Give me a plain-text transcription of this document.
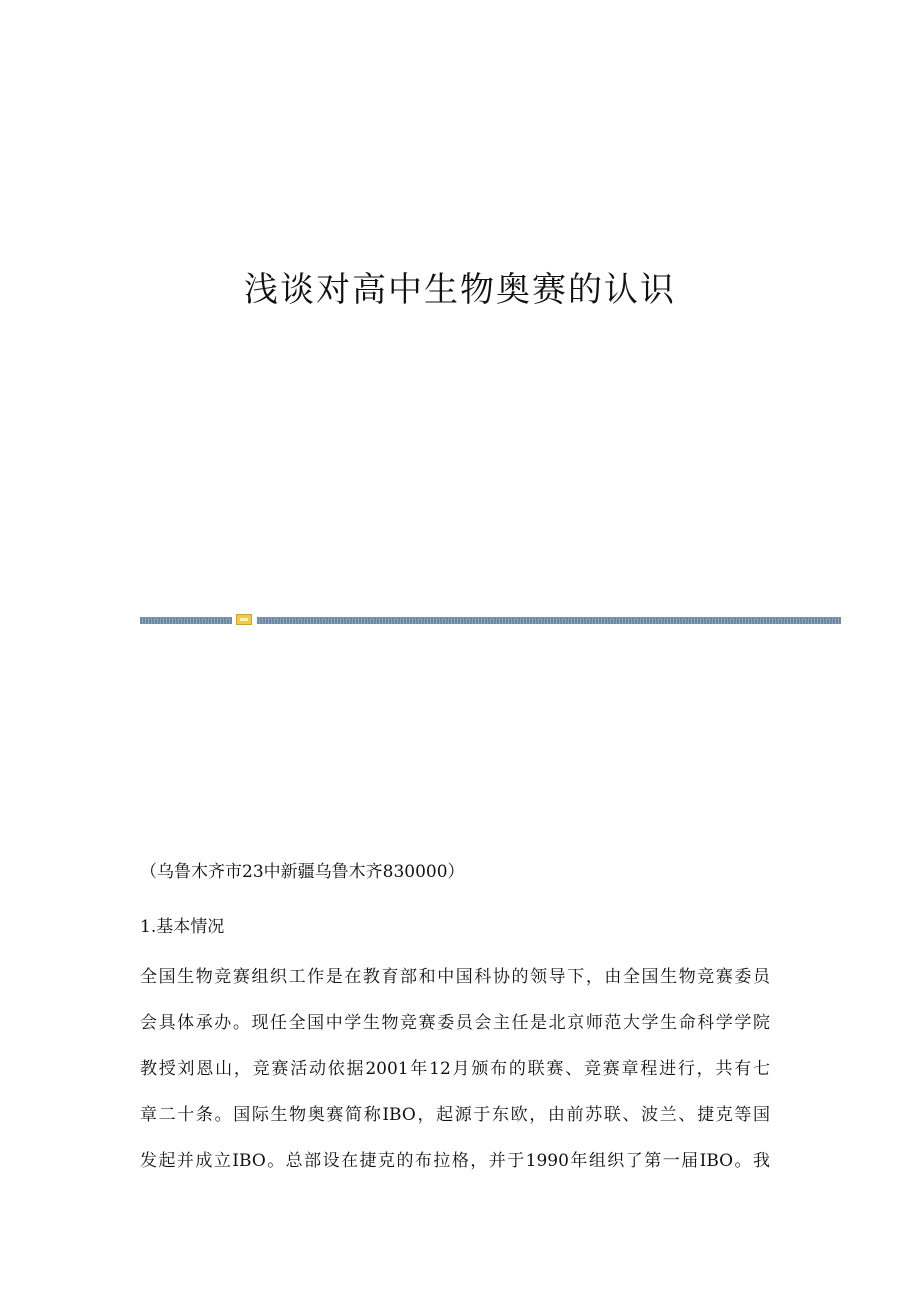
浅谈对高中生物奥赛的认识

（乌鲁木齐市23中新疆乌鲁木齐830000）

1.基本情况
全国生物竞赛组织工作是在教育部和中国科协的领导下，由全国生物竞赛委员
会具体承办。现任全国中学生物竞赛委员会主任是北京师范大学生命科学学院
教授刘恩山，竞赛活动依据2001年12月颁布的联赛、竞赛章程进行，共有七
章二十条。国际生物奥赛简称IBO，起源于东欧，由前苏联、波兰、捷克等国
发起并成立IBO。总部设在捷克的布拉格，并于1990年组织了第一届IBO。我
